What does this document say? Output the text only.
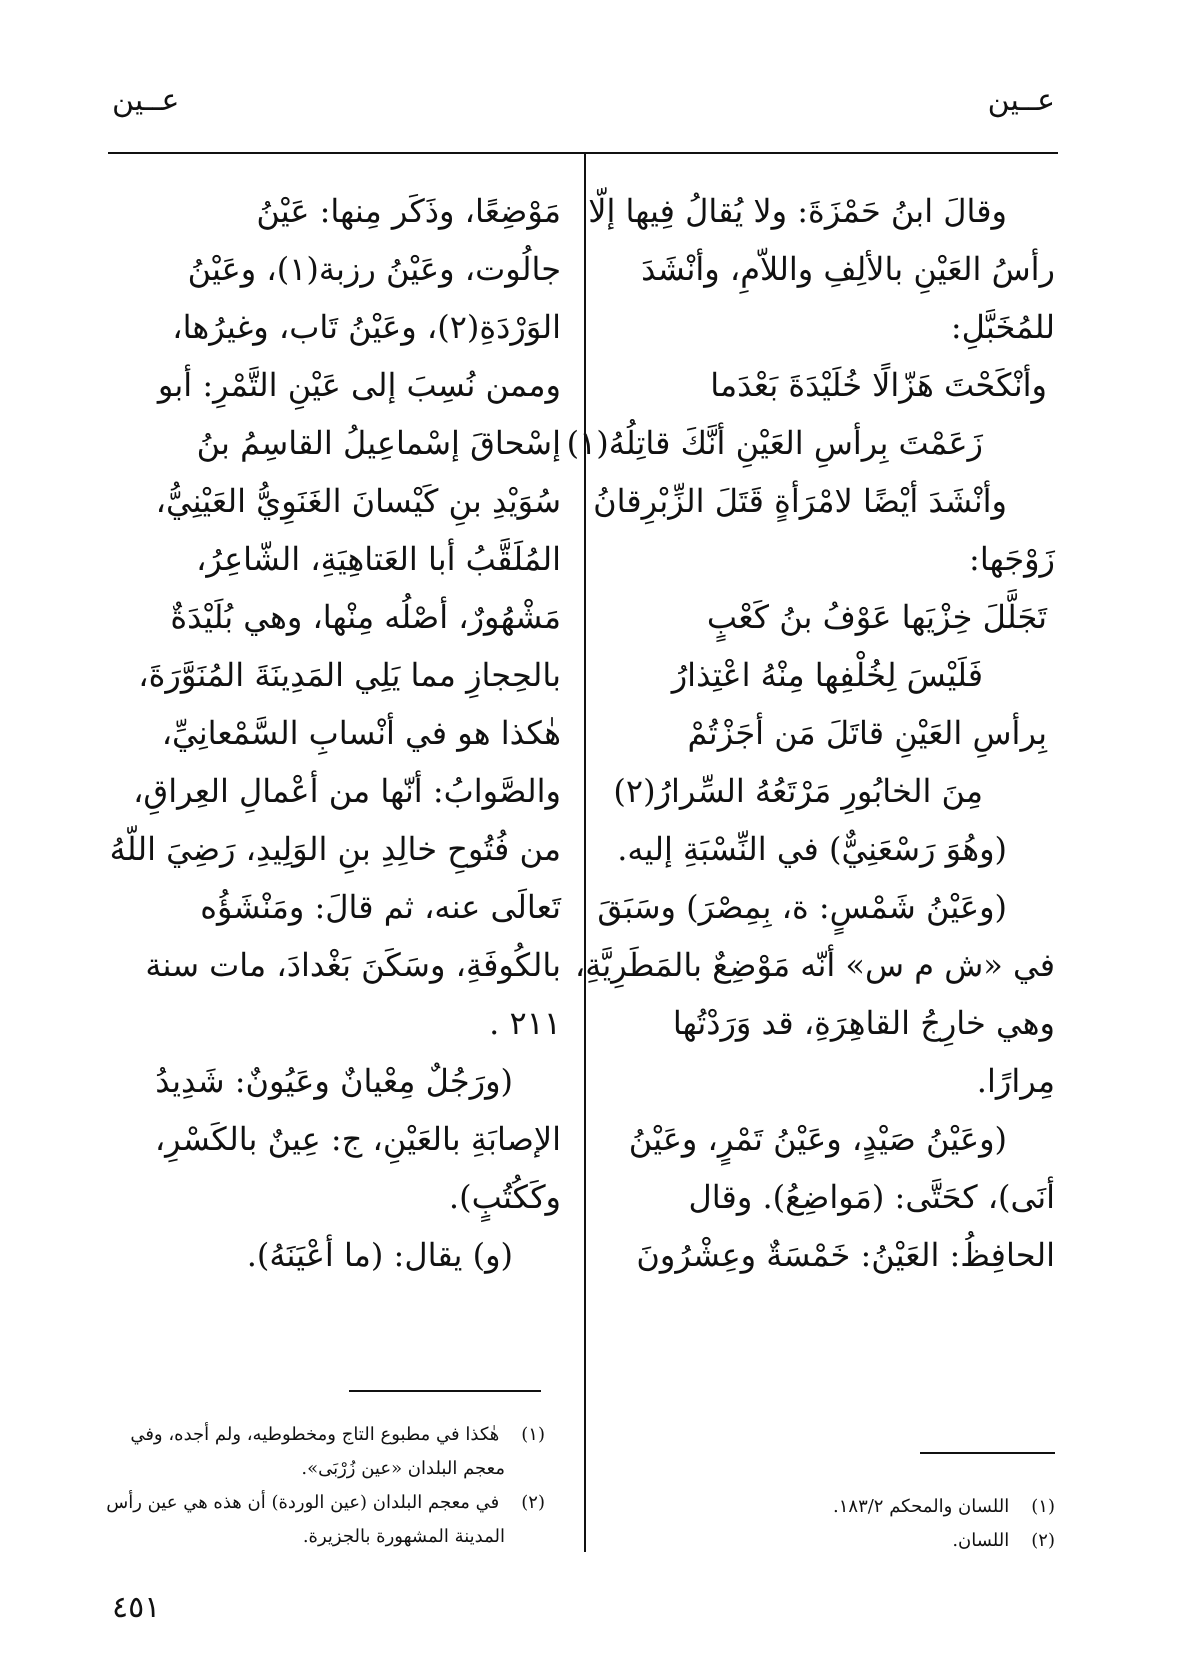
عــين
عــين
وقالَ ابنُ حَمْزَةَ: ولا يُقالُ فِيها إلّا
رأسُ العَيْنِ بالألِفِ واللاّمِ، وأنْشَدَ
للمُخَبَّلِ:
وأنْكَحْتَ هَزّالًا خُلَيْدَةَ بَعْدَما
زَعَمْتَ بِرأسِ العَيْنِ أنَّكَ قاتِلُهُ(١)
وأنْشَدَ أيْضًا لامْرَأةٍ قَتَلَ الزِّبْرِقانُ
زَوْجَها:
تَجَلَّلَ خِزْيَها عَوْفُ بنُ كَعْبٍ
فَلَيْسَ لِخُلْفِها مِنْهُ اعْتِذارُ
بِرأسِ العَيْنِ قاتَلَ مَن أجَزْتُمْ
مِنَ الخابُورِ مَرْتَعُهُ السِّرارُ(٢)
(وهُوَ رَسْعَنِيٌّ) في النِّسْبَةِ إليه.
(وعَيْنُ شَمْسٍ: ة، بِمِصْرَ) وسَبَقَ
في «ش م س» أنّه مَوْضِعٌ بالمَطَرِيَّةِ،
وهي خارِجُ القاهِرَةِ، قد وَرَدْتُها
مِرارًا.
(وعَيْنُ صَيْدٍ، وعَيْنُ تَمْرٍ، وعَيْنُ
أنَى)، كحَتَّى: (مَواضِعُ). وقال
الحافِظُ: العَيْنُ: خَمْسَةٌ وعِشْرُونَ
مَوْضِعًا، وذَكَر مِنها: عَيْنُ
جالُوت، وعَيْنُ رزبة(١)، وعَيْنُ
الوَرْدَةِ(٢)، وعَيْنُ تَاب، وغيرُها،
وممن نُسِبَ إلى عَيْنِ التَّمْرِ: أبو
إسْحاقَ إسْماعِيلُ القاسِمُ بنُ
سُوَيْدِ بنِ كَيْسانَ الغَنَوِيُّ العَيْنِيُّ،
المُلَقَّبُ أبا العَتاهِيَةِ، الشّاعِرُ،
مَشْهُورٌ، أصْلُه مِنْها، وهي بُلَيْدَةٌ
بالحِجازِ مما يَلِي المَدِينَةَ المُنَوَّرَةَ،
هٰكذا هو في أنْسابِ السَّمْعانِيِّ،
والصَّوابُ: أنّها من أعْمالِ العِراقِ،
من فُتُوحِ خالِدِ بنِ الوَلِيدِ، رَضِيَ اللّهُ
تَعالَى عنه، ثم قالَ: ومَنْشَؤُه
بالكُوفَةِ، وسَكَنَ بَغْدادَ، مات سنة
٢١١ .
(ورَجُلٌ مِعْيانٌ وعَيُونٌ: شَدِيدُ
الإصابَةِ بالعَيْنِ، ج: عِينٌ بالكَسْرِ،
وكَكُتُبٍ).
(و) يقال: (ما أعْيَنَهُ).
(١) اللسان والمحكم ١٨٣/٢.
(٢) اللسان.
(١) هٰكذا في مطبوع التاج ومخطوطيه، ولم أجده، وفي
معجم البلدان «عين زُرْبَى».
(٢) في معجم البلدان (عين الوردة) أن هذه هي عين رأس
المدينة المشهورة بالجزيرة.
٤٥١
